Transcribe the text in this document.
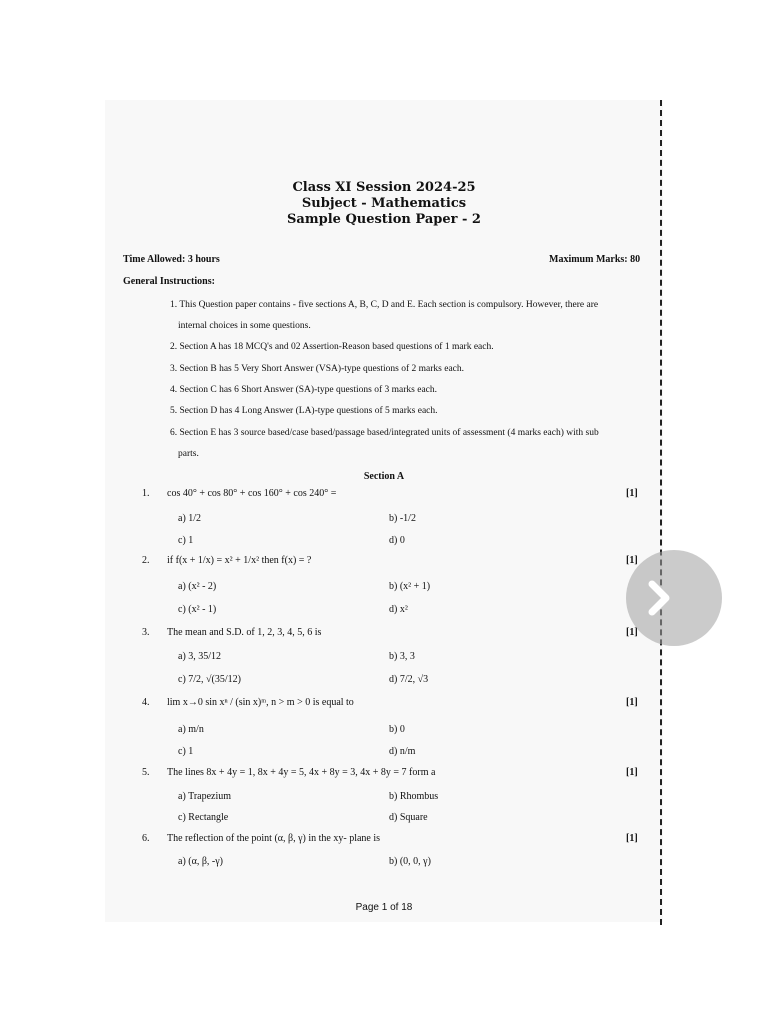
Class XI Session 2024-25
Subject - Mathematics
Sample Question Paper - 2
Time Allowed: 3 hours	Maximum Marks: 80
General Instructions:
1. This Question paper contains - five sections A, B, C, D and E. Each section is compulsory. However, there are
internal choices in some questions.
2. Section A has 18 MCQ's and 02 Assertion-Reason based questions of 1 mark each.
3. Section B has 5 Very Short Answer (VSA)-type questions of 2 marks each.
4. Section C has 6 Short Answer (SA)-type questions of 3 marks each.
5. Section D has 4 Long Answer (LA)-type questions of 5 marks each.
6. Section E has 3 source based/case based/passage based/integrated units of assessment (4 marks each) with sub
parts.
Section A
1. cos 40° + cos 80° + cos 160° + cos 240° =	[1]
a) 1/2	b) -1/2
c) 1	d) 0
2. if f(x + 1/x) = x² + 1/x² then f(x) = ?	[1]
a) (x² - 2)	b) (x² + 1)
c) (x² - 1)	d) x²
3. The mean and S.D. of 1, 2, 3, 4, 5, 6 is	[1]
a) 3, 35/12	b) 3, 3
c) 7/2, √(35/12)	d) 7/2, √3
4. lim x→0 sin xⁿ / (sin x)ᵐ, n > m > 0 is equal to	[1]
a) m/n	b) 0
c) 1	d) n/m
5. The lines 8x + 4y = 1, 8x + 4y = 5, 4x + 8y = 3, 4x + 8y = 7 form a	[1]
a) Trapezium	b) Rhombus
c) Rectangle	d) Square
6. The reflection of the point (α, β, γ) in the xy- plane is	[1]
a) (α, β, -γ)	b) (0, 0, γ)
Page 1 of 18
